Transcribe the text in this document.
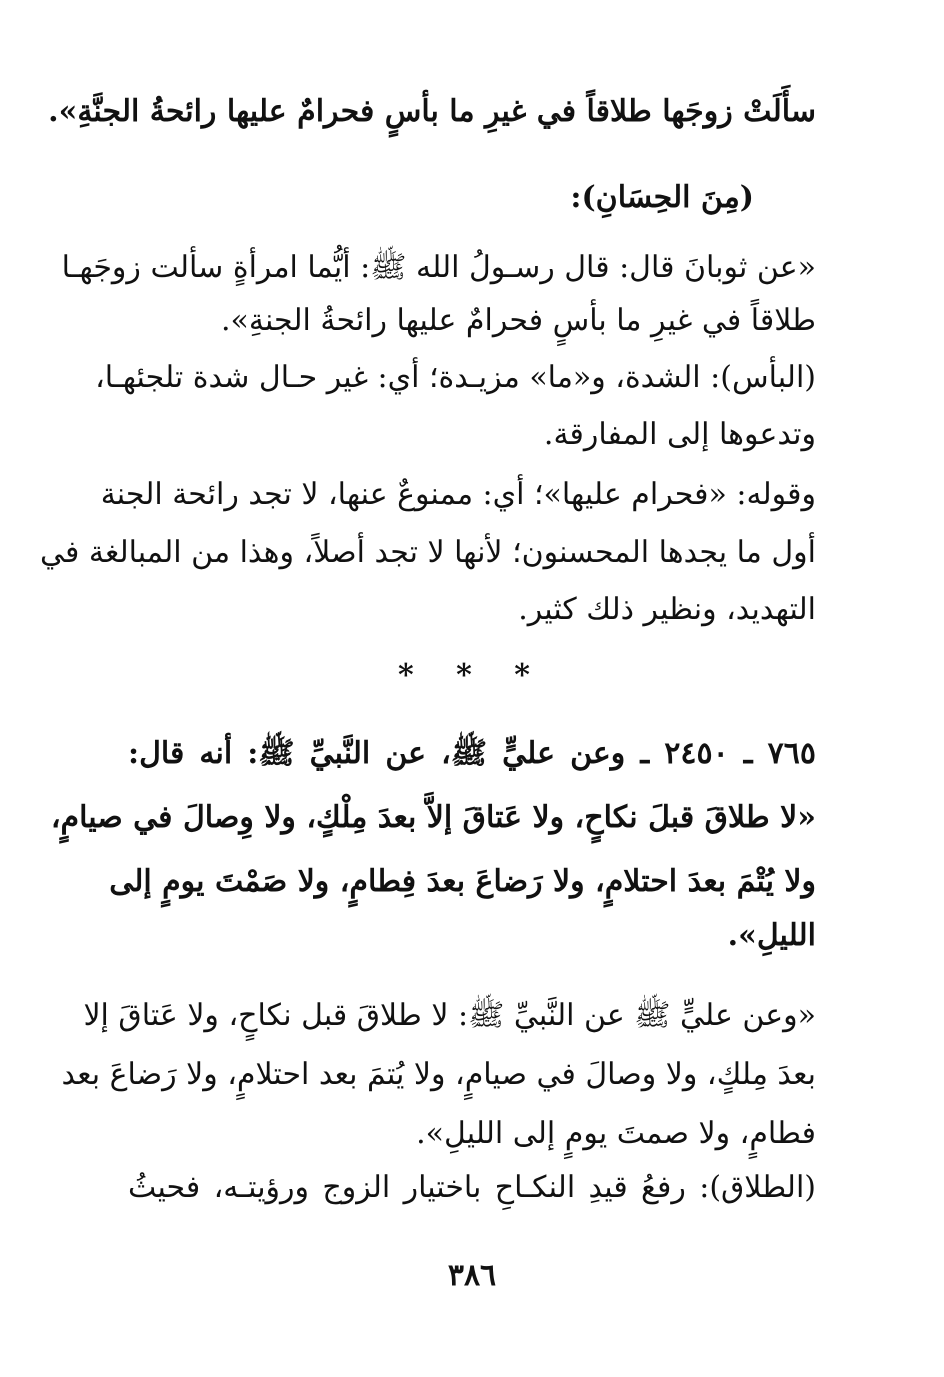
سأَلَتْ زوجَها طلاقاً في غيرِ ما بأسٍ فحرامٌ عليها رائحةُ الجنَّةِ».
(مِنَ الحِسَانِ):
«عن ثوبانَ قال: قال رسـولُ الله ﷺ: أيُّما امرأةٍ سألت زوجَهـا
طلاقاً في غيرِ ما بأسٍ فحرامٌ عليها رائحةُ الجنةِ».
(البأس): الشدة، و«ما» مزيـدة؛ أي: غير حـال شدة تلجئهـا،
وتدعوها إلى المفارقة.
وقوله: «فحرام عليها»؛ أي: ممنوعٌ عنها، لا تجد رائحة الجنة
أول ما يجدها المحسنون؛ لأنها لا تجد أصلاً، وهذا من المبالغة في
التهديد، ونظير ذلك كثير.
* * *
٧٦٥ ـ ٢٤٥٠ ـ وعن عليٍّ ﷺ، عن النَّبيِّ ﷺ: أنه قال:
«لا طلاقَ قبلَ نكاحٍ، ولا عَتاقَ إلاَّ بعدَ مِلْكٍ، ولا وِصالَ في صيامٍ،
ولا يُتْمَ بعدَ احتلامٍ، ولا رَضاعَ بعدَ فِطامٍ، ولا صَمْتَ يومٍ إلى
الليلِ».
«وعن عليٍّ ﷺ عن النَّبيِّ ﷺ: لا طلاقَ قبل نكاحٍ، ولا عَتاقَ إلا
بعدَ مِلكٍ، ولا وصالَ في صيامٍ، ولا يُتمَ بعد احتلامٍ، ولا رَضاعَ بعد
فطامٍ، ولا صمتَ يومٍ إلى الليلِ».
(الطلاق): رفعُ قيدِ النكـاحِ باختيار الزوج ورؤيتـه، فحيثُ
٣٨٦
